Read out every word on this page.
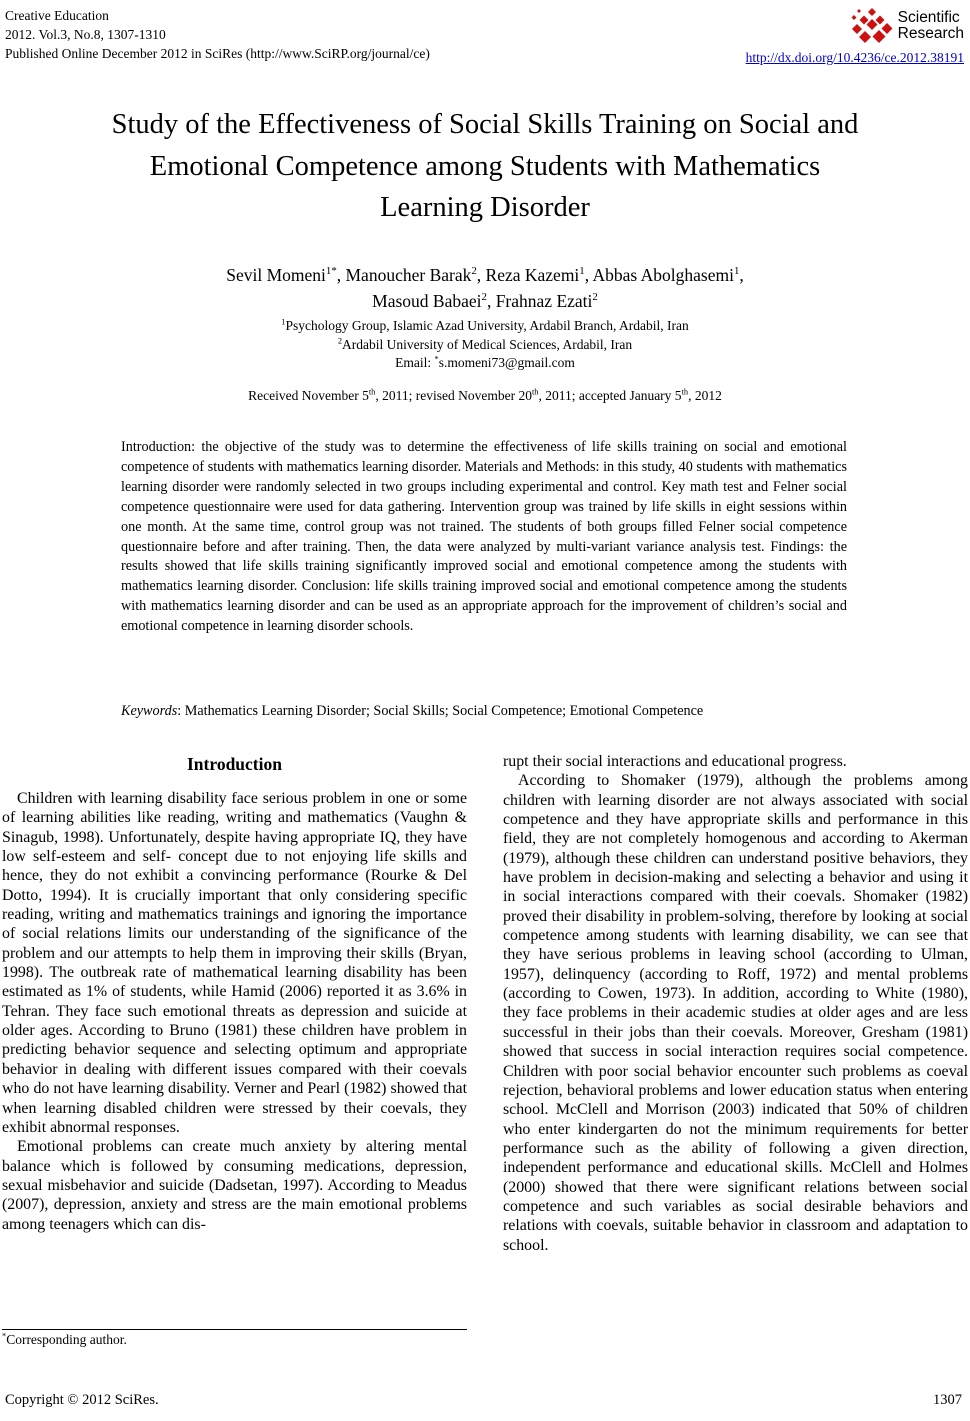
Creative Education
2012. Vol.3, No.8, 1307-1310
Published Online December 2012 in SciRes (http://www.SciRP.org/journal/ce)
Scientific
Research
http://dx.doi.org/10.4236/ce.2012.38191
Study of the Effectiveness of Social Skills Training on Social and
Emotional Competence among Students with Mathematics
Learning Disorder
Sevil Momeni$^{1*}$, Manoucher Barak$^2$, Reza Kazemi$^1$, Abbas Abolghasemi$^1$,
Masoud Babaei$^2$, Frahnaz Ezati$^2$
$^1$Psychology Group, Islamic Azad University, Ardabil Branch, Ardabil, Iran
$^2$Ardabil University of Medical Sciences, Ardabil, Iran
Email: *s.momeni73@gmail.com
Received November 5th, 2011; revised November 20th, 2011; accepted January 5th, 2012
Introduction: the objective of the study was to determine the effectiveness of life skills training on social and emotional competence of students with mathematics learning disorder. Materials and Methods: in this study, 40 students with mathematics learning disorder were randomly selected in two groups including experimental and control. Key math test and Felner social competence questionnaire were used for data gathering. Intervention group was trained by life skills in eight sessions within one month. At the same time, control group was not trained. The students of both groups filled Felner social competence questionnaire before and after training. Then, the data were analyzed by multi-variant variance analysis test. Findings: the results showed that life skills training significantly improved social and emotional competence among the students with mathematics learning disorder. Conclusion: life skills training improved social and emotional competence among the students with mathematics learning disorder and can be used as an appropriate approach for the improvement of children’s social and emotional competence in learning disorder schools.
Keywords: Mathematics Learning Disorder; Social Skills; Social Competence; Emotional Competence
Introduction

Children with learning disability face serious problem in one or some of learning abilities like reading, writing and mathematics (Vaughn & Sinagub, 1998). Unfortunately, despite having appropriate IQ, they have low self-esteem and self- concept due to not enjoying life skills and hence, they do not exhibit a convincing performance (Rourke & Del Dotto, 1994). It is crucially important that only considering specific reading, writing and mathematics trainings and ignoring the importance of social relations limits our understanding of the significance of the problem and our attempts to help them in improving their skills (Bryan, 1998). The outbreak rate of mathematical learning disability has been estimated as 1% of students, while Hamid (2006) reported it as 3.6% in Tehran. They face such emotional threats as depression and suicide at older ages. According to Bruno (1981) these children have problem in predicting behavior sequence and selecting optimum and appropriate behavior in dealing with different issues compared with their coevals who do not have learning disability. Verner and Pearl (1982) showed that when learning disabled children were stressed by their coevals, they exhibit abnormal responses.

Emotional problems can create much anxiety by altering mental balance which is followed by consuming medications, depression, sexual misbehavior and suicide (Dadsetan, 1997). According to Meadus (2007), depression, anxiety and stress are the main emotional problems among teenagers which can dis-

*Corresponding author.

rupt their social interactions and educational progress.

According to Shomaker (1979), although the problems among children with learning disorder are not always associated with social competence and they have appropriate skills and performance in this field, they are not completely homogenous and according to Akerman (1979), although these children can understand positive behaviors, they have problem in decision-making and selecting a behavior and using it in social interactions compared with their coevals. Shomaker (1982) proved their disability in problem-solving, therefore by looking at social competence among students with learning disability, we can see that they have serious problems in leaving school (according to Ulman, 1957), delinquency (according to Roff, 1972) and mental problems (according to Cowen, 1973). In addition, according to White (1980), they face problems in their academic studies at older ages and are less successful in their jobs than their coevals. Moreover, Gresham (1981) showed that success in social interaction requires social competence. Children with poor social behavior encounter such problems as coeval rejection, behavioral problems and lower education status when entering school. McClell and Morrison (2003) indicated that 50% of children who enter kindergarten do not the minimum requirements for better performance such as the ability of following a given direction, independent performance and educational skills. McClell and Holmes (2000) showed that there were significant relations between social competence and such variables as social desirable behaviors and relations with coevals, suitable behavior in classroom and adaptation to school.

Copyright © 2012 SciRes.	1307
